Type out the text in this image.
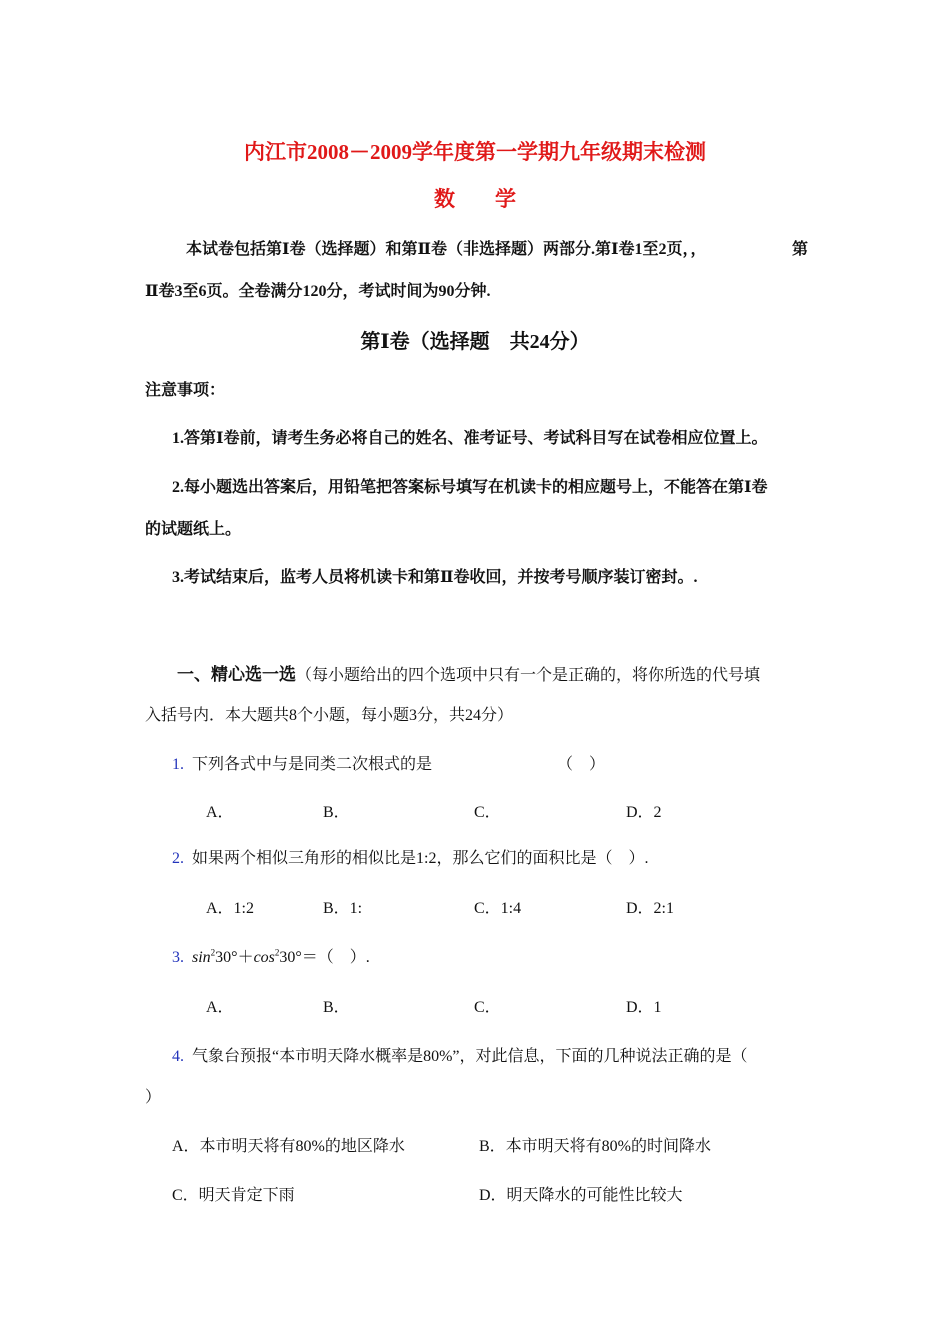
内江市2008－2009学年度第一学期九年级期末检测
数学
本试卷包括第Ⅰ卷（选择题）和第Ⅱ卷（非选择题）两部分.第Ⅰ卷1至2页，，	第
Ⅱ卷3至6页。全卷满分120分，考试时间为90分钟.
第Ⅰ卷（选择题　共24分）
注意事项：
1.答第Ⅰ卷前，请考生务必将自己的姓名、准考证号、考试科目写在试卷相应位置上。
2.每小题选出答案后，用铅笔把答案标号填写在机读卡的相应题号上，不能答在第Ⅰ卷
的试题纸上。
3.考试结束后，监考人员将机读卡和第Ⅱ卷收回，并按考号顺序装订密封。.
一、精心选一选（每小题给出的四个选项中只有一个是正确的，将你所选的代号填
入括号内．本大题共8个小题，每小题3分，共24分）
1. 下列各式中与是同类二次根式的是	（　）
A．	B．	C．	D．2
2. 如果两个相似三角形的相似比是1:2，那么它们的面积比是（　）.
A．1:2	B．1:	C．1:4	D．2:1
3. $\sin^230^\circ+\cos^230^\circ=$（　）.
A．	B．	C．	D．1
4. 气象台预报“本市明天降水概率是80%”，对此信息，下面的几种说法正确的是（
）
A．本市明天将有80%的地区降水	B．本市明天将有80%的时间降水
C．明天肯定下雨	D．明天降水的可能性比较大
